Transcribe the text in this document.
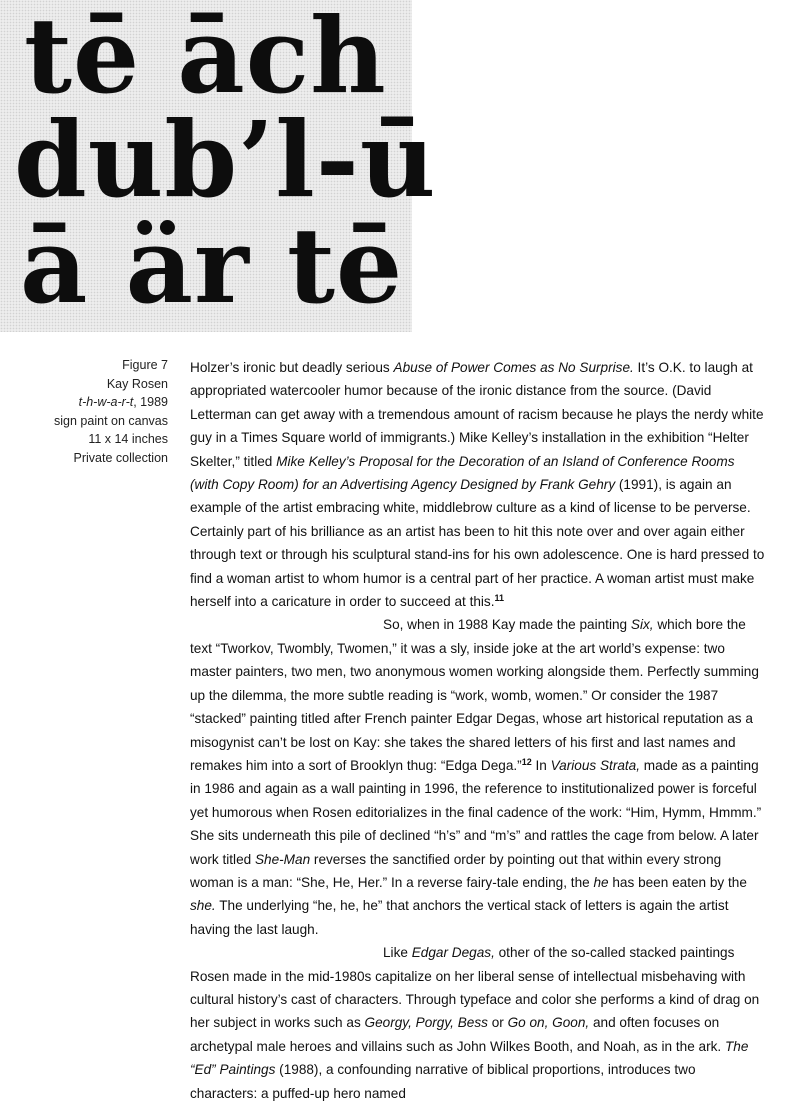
tē āch
dub’l-ū
ā är tē
Figure 7
Kay Rosen
t-h-w-a-r-t, 1989
sign paint on canvas
11 x 14 inches
Private collection

Holzer’s ironic but deadly serious Abuse of Power Comes as No Surprise. It’s O.K. to laugh at appropriated watercooler humor because of the ironic distance from the source. (David Letterman can get away with a tremendous amount of racism because he plays the nerdy white guy in a Times Square world of immigrants.) Mike Kelley’s installation in the exhibition “Helter Skelter,” titled Mike Kelley’s Proposal for the Decoration of an Island of Conference Rooms (with Copy Room) for an Advertising Agency Designed by Frank Gehry (1991), is again an example of the artist embracing white, middlebrow culture as a kind of license to be perverse. Certainly part of his brilliance as an artist has been to hit this note over and over again either through text or through his sculptural stand-ins for his own adolescence. One is hard pressed to find a woman artist to whom humor is a central part of her practice. A woman artist must make herself into a caricature in order to succeed at this.$^{11}$

So, when in 1988 Kay made the painting Six, which bore the text “Tworkov, Twombly, Twomen,” it was a sly, inside joke at the art world’s expense: two master painters, two men, two anonymous women working alongside them. Perfectly summing up the dilemma, the more subtle reading is “work, womb, women.” Or consider the 1987 “stacked” painting titled after French painter Edgar Degas, whose art historical reputation as a misogynist can’t be lost on Kay: she takes the shared letters of his first and last names and remakes him into a sort of Brooklyn thug: “Edga Dega.”$^{12}$ In Various Strata, made as a painting in 1986 and again as a wall painting in 1996, the reference to institutionalized power is forceful yet humorous when Rosen editorializes in the final cadence of the work: “Him, Hymm, Hmmm.” She sits underneath this pile of declined “h’s” and “m’s” and rattles the cage from below. A later work titled She-Man reverses the sanctified order by pointing out that within every strong woman is a man: “She, He, Her.” In a reverse fairy-tale ending, the he has been eaten by the she. The underlying “he, he, he” that anchors the vertical stack of letters is again the artist having the last laugh.

Like Edgar Degas, other of the so-called stacked paintings Rosen made in the mid-1980s capitalize on her liberal sense of intellectual misbehaving with cultural history’s cast of characters. Through typeface and color she performs a kind of drag on her subject in works such as Georgy, Porgy, Bess or Go on, Goon, and often focuses on archetypal male heroes and villains such as John Wilkes Booth, and Noah, as in the ark. The “Ed” Paintings (1988), a confounding narrative of biblical proportions, introduces two characters: a puffed-up hero named
